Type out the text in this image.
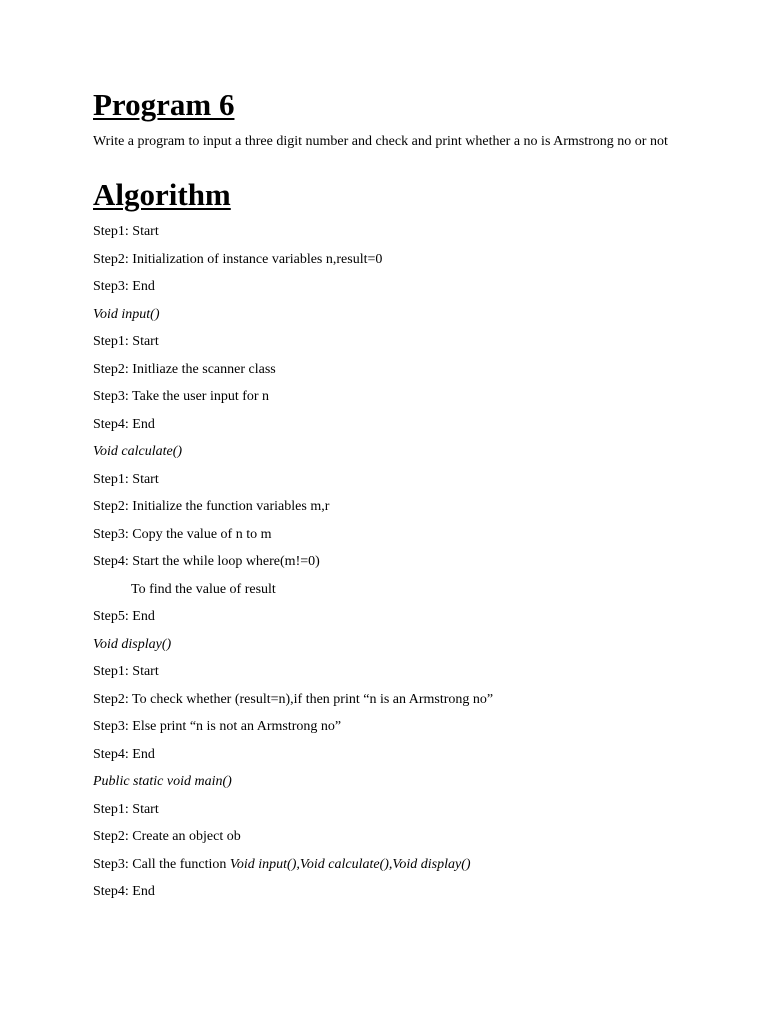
Program 6
Write a program to input a three digit number and check and print whether a no is Armstrong no or not
Algorithm
Step1: Start
Step2: Initialization of instance variables n,result=0
Step3: End
Void input()
Step1: Start
Step2: Initliaze the scanner class
Step3: Take the user input for n
Step4: End
Void calculate()
Step1: Start
Step2: Initialize the function variables m,r
Step3: Copy the value of n to m
Step4: Start the while loop where(m!=0)
To find the value of result
Step5: End
Void display()
Step1: Start
Step2: To check whether (result=n),if then print “n is an Armstrong no”
Step3: Else print “n is not an Armstrong no”
Step4: End
Public static void main()
Step1: Start
Step2: Create an object ob
Step3: Call the function Void input(),Void calculate(),Void display()
Step4: End
